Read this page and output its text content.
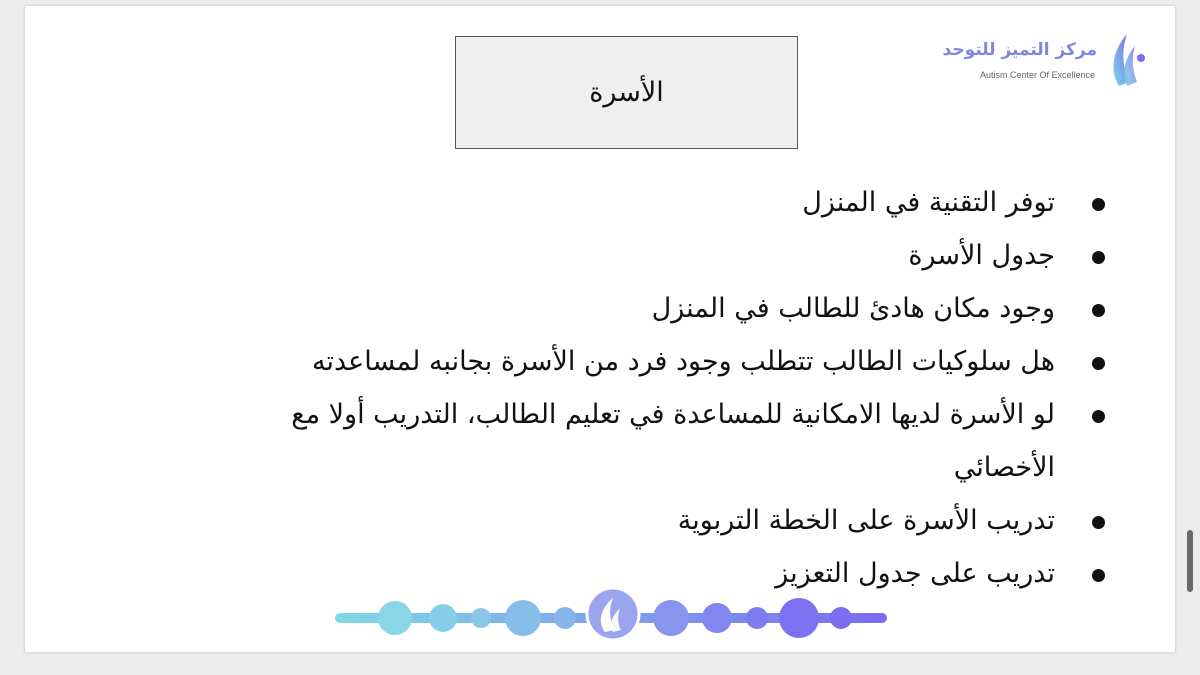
مركز التميز للتوحد
Autism Center Of Excellence
الأسرة
توفر التقنية في المنزل
جدول الأسرة
وجود مكان هادئ للطالب في المنزل
هل سلوكيات الطالب تتطلب وجود فرد من الأسرة بجانبه لمساعدته
لو الأسرة لديها الامكانية للمساعدة في تعليم الطالب، التدريب أولا مع الأخصائي
تدريب الأسرة على الخطة التربوية
تدريب على جدول التعزيز
